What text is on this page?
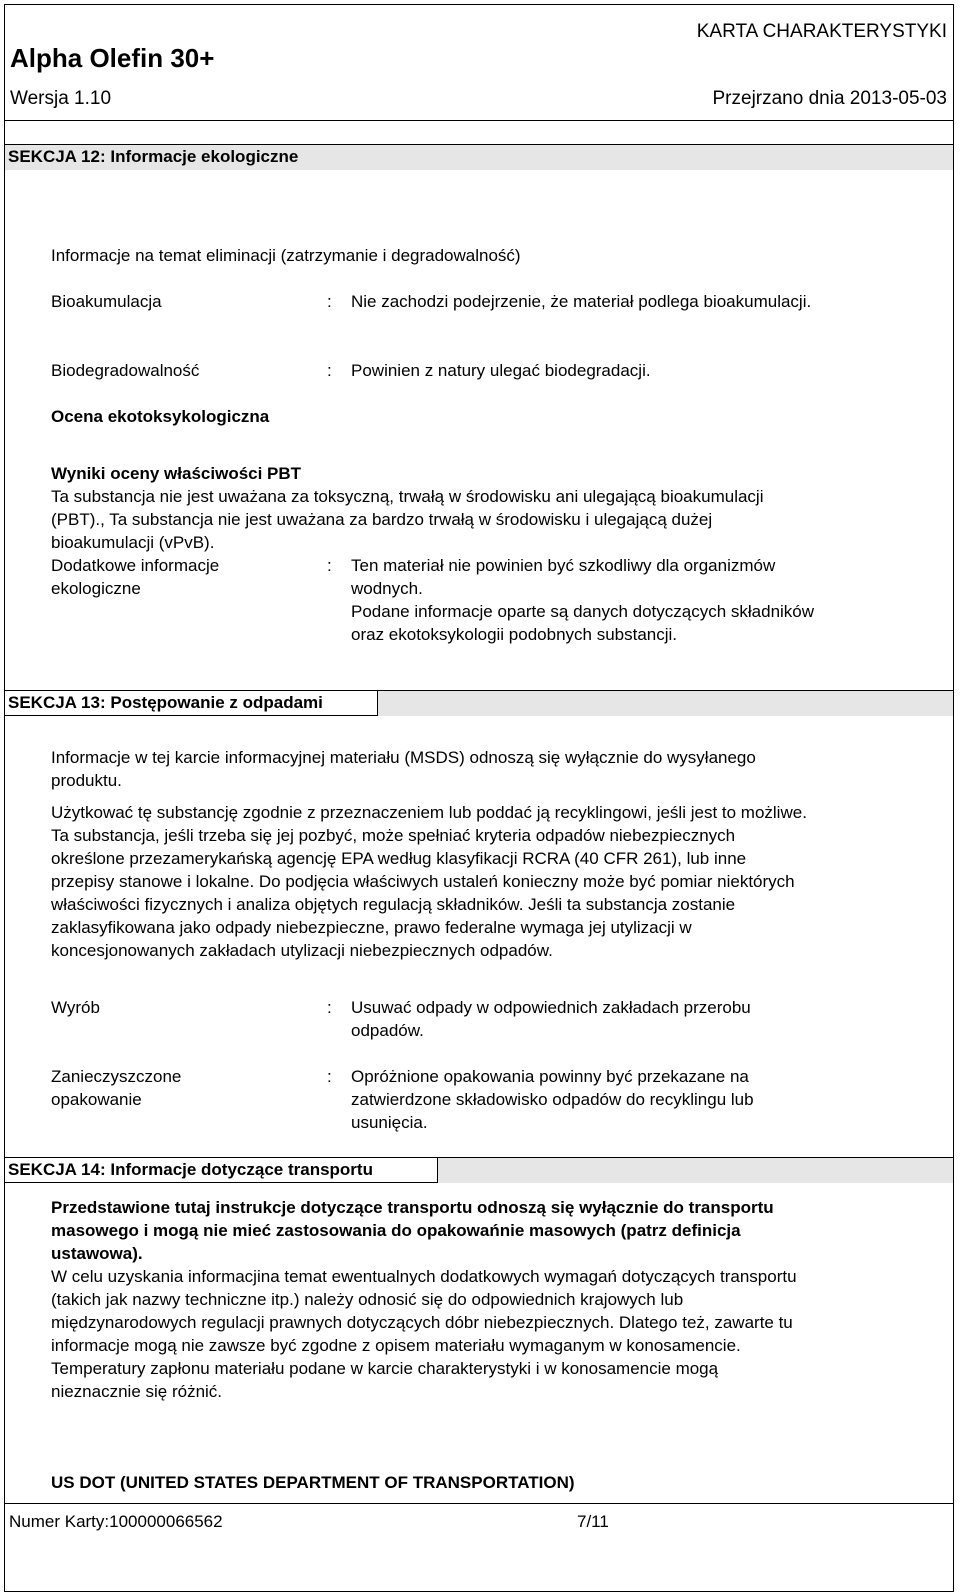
KARTA CHARAKTERYSTYKI
Alpha Olefin 30+
Wersja 1.10	Przejrzano dnia 2013-05-03
SEKCJA 12: Informacje ekologiczne
Informacje na temat eliminacji (zatrzymanie i degradowalność)
Bioakumulacja	: Nie zachodzi podejrzenie, że materiał podlega bioakumulacji.
Biodegradowalność	: Powinien z natury ulegać biodegradacji.
Ocena ekotoksykologiczna
Wyniki oceny właściwości PBT
Ta substancja nie jest uważana za toksyczną, trwałą w środowisku ani ulegającą bioakumulacji
(PBT)., Ta substancja nie jest uważana za bardzo trwałą w środowisku i ulegającą dużej
bioakumulacji (vPvB).
Dodatkowe informacje
ekologiczne
: Ten materiał nie powinien być szkodliwy dla organizmów
wodnych.
Podane informacje oparte są danych dotyczących składników
oraz ekotoksykologii podobnych substancji.
SEKCJA 13: Postępowanie z odpadami
Informacje w tej karcie informacyjnej materiału (MSDS) odnoszą się wyłącznie do wysyłanego
produktu.
Użytkować tę substancję zgodnie z przeznaczeniem lub poddać ją recyklingowi, jeśli jest to możliwe.
Ta substancja, jeśli trzeba się jej pozbyć, może spełniać kryteria odpadów niebezpiecznych
określone przezamerykańską agencję EPA według klasyfikacji RCRA (40 CFR 261), lub inne
przepisy stanowe i lokalne. Do podjęcia właściwych ustaleń konieczny może być pomiar niektórych
właściwości fizycznych i analiza objętych regulacją składników. Jeśli ta substancja zostanie
zaklasyfikowana jako odpady niebezpieczne, prawo federalne wymaga jej utylizacji w
koncesjonowanych zakładach utylizacji niebezpiecznych odpadów.
Wyrób	: Usuwać odpady w odpowiednich zakładach przerobu
odpadów.
Zanieczyszczone
opakowanie
: Opróżnione opakowania powinny być przekazane na
zatwierdzone składowisko odpadów do recyklingu lub
usunięcia.
SEKCJA 14: Informacje dotyczące transportu
Przedstawione tutaj instrukcje dotyczące transportu odnoszą się wyłącznie do transportu
masowego i mogą nie mieć zastosowania do opakowańnie masowych (patrz definicja
ustawowa).
W celu uzyskania informacjina temat ewentualnych dodatkowych wymagań dotyczących transportu
(takich jak nazwy techniczne itp.) należy odnosić się do odpowiednich krajowych lub
międzynarodowych regulacji prawnych dotyczących dóbr niebezpiecznych. Dlatego też, zawarte tu
informacje mogą nie zawsze być zgodne z opisem materiału wymaganym w konosamencie.
Temperatury zapłonu materiału podane w karcie charakterystyki i w konosamencie mogą
nieznacznie się różnić.
US DOT (UNITED STATES DEPARTMENT OF TRANSPORTATION)
Numer Karty:100000066562	7/11
